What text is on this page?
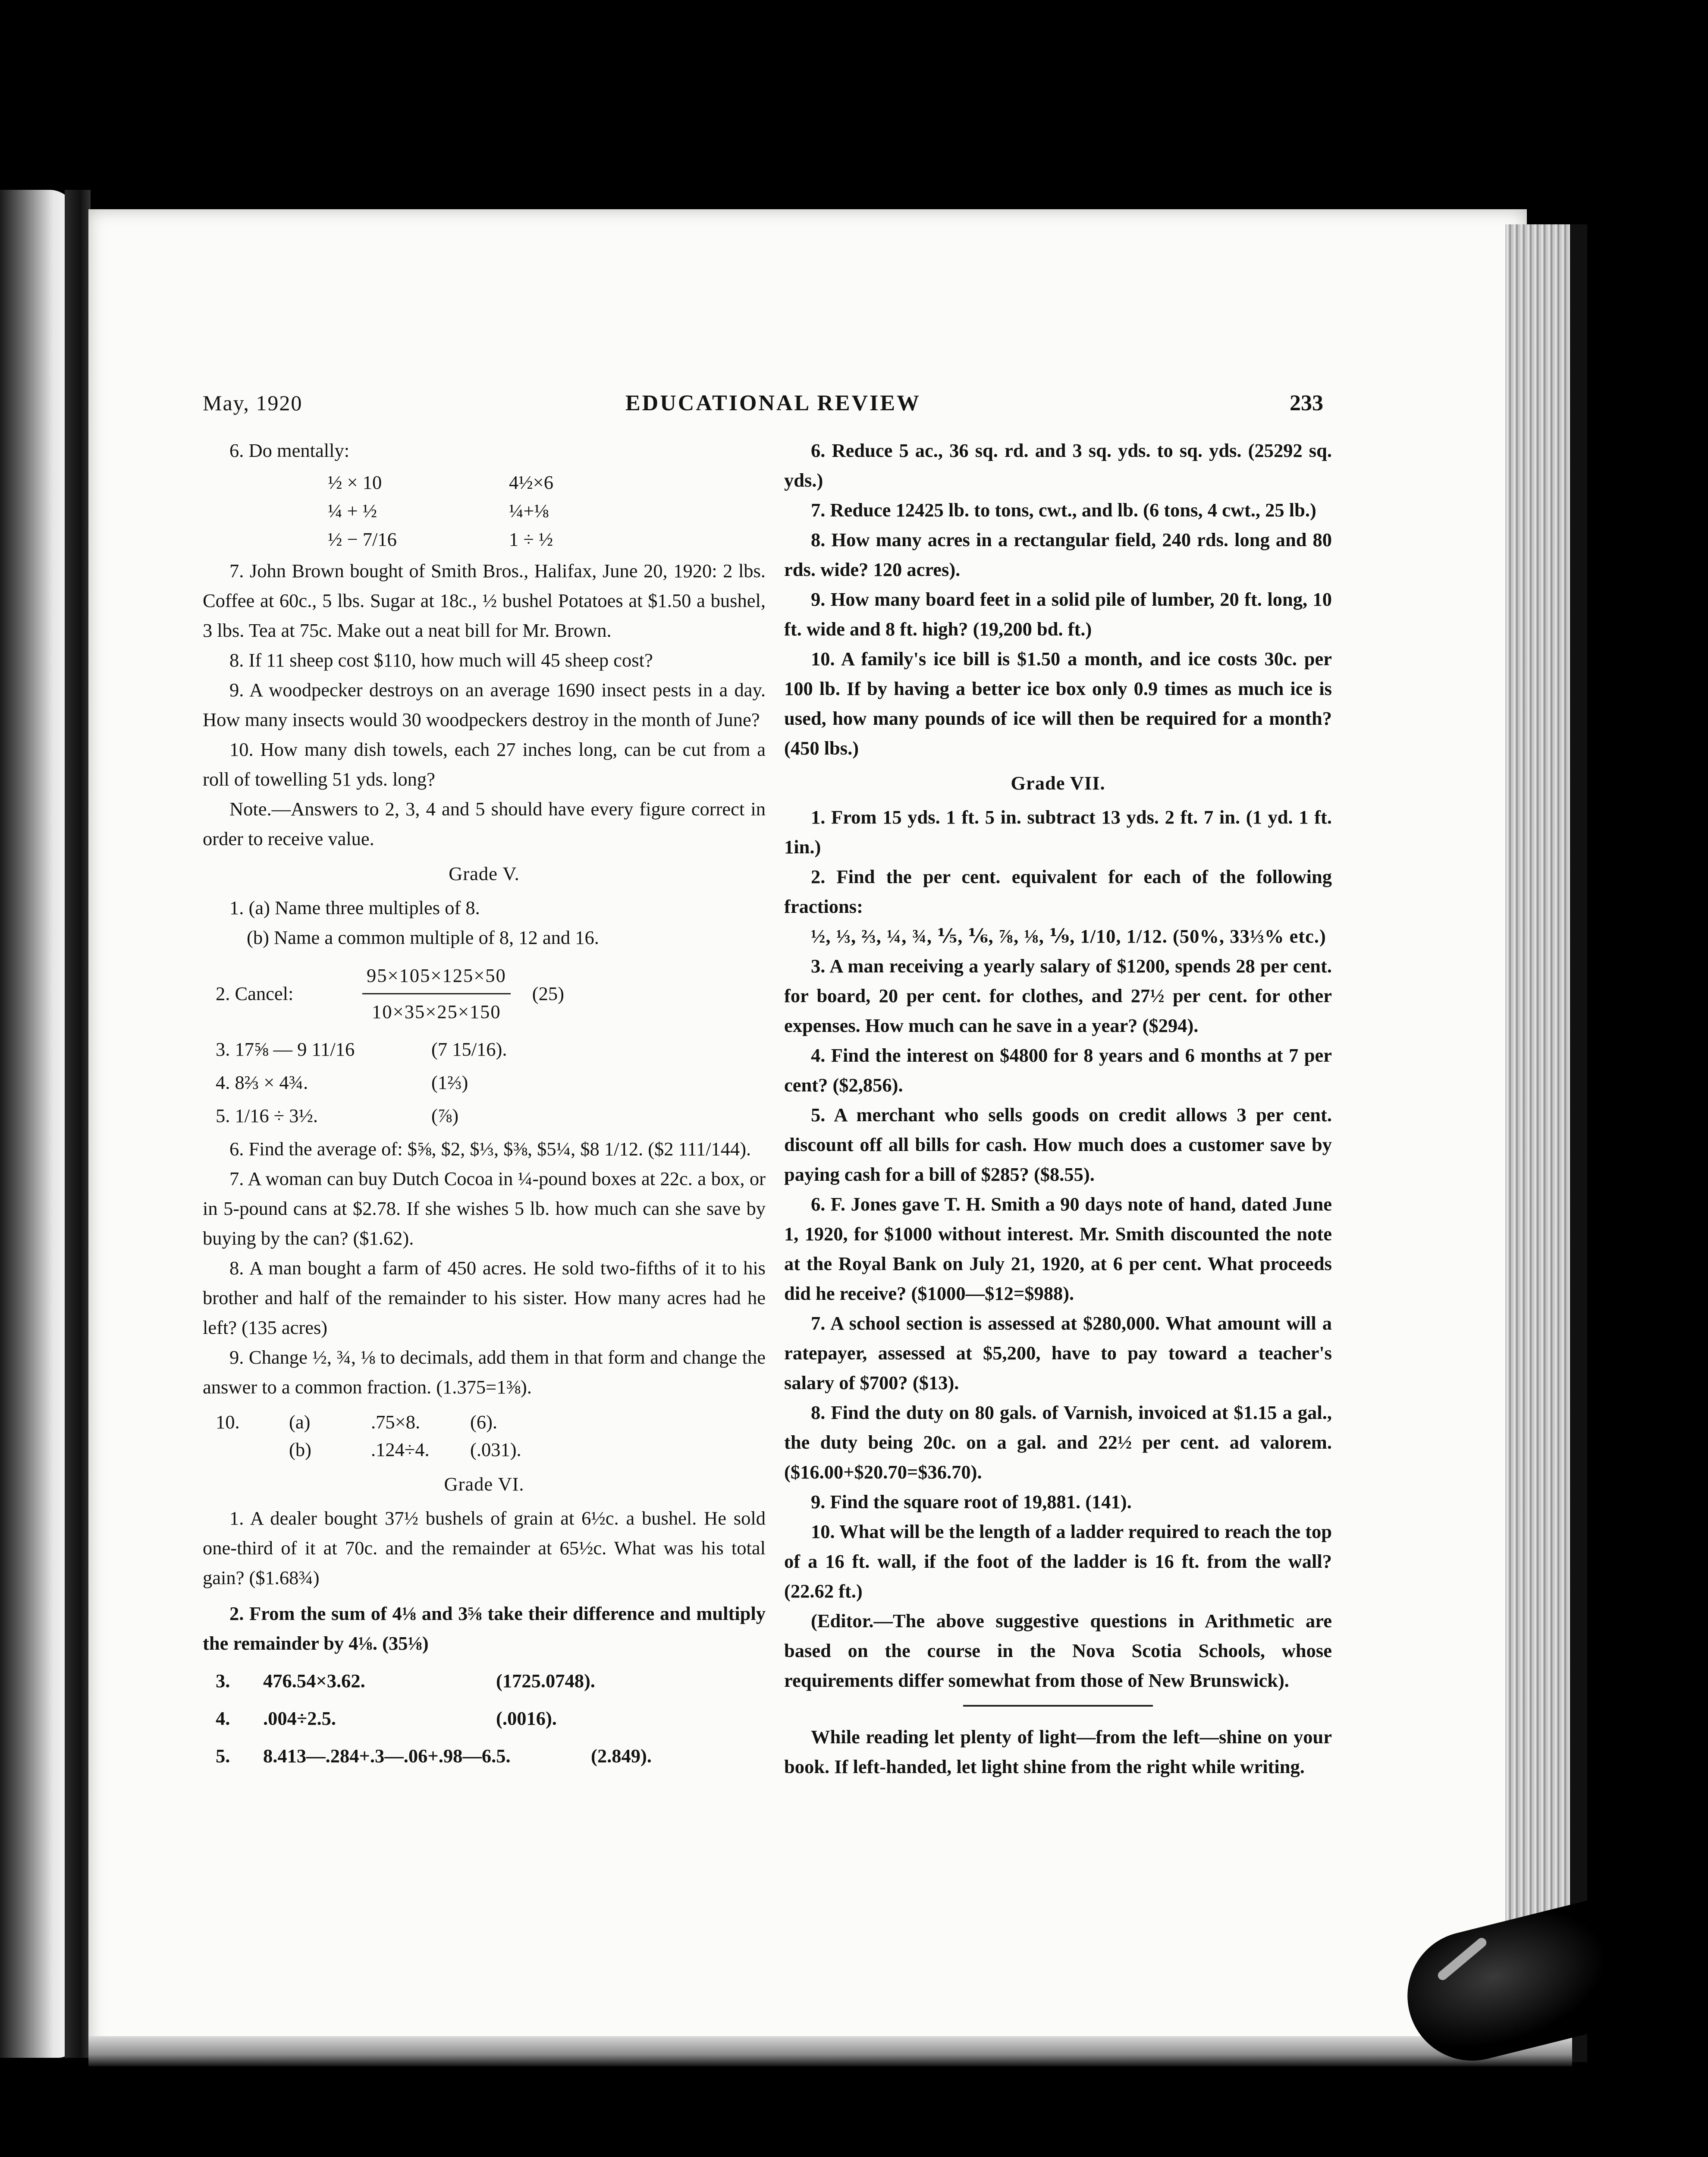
May, 1920	EDUCATIONAL REVIEW	233

6. Do mentally:

½ × 10	4½×6
¼ + ½	¼+⅛
½ − 7/16	1 ÷ ½

7. John Brown bought of Smith Bros., Halifax, June 20, 1920: 2 lbs. Coffee at 60c., 5 lbs. Sugar at 18c., ½ bushel Potatoes at $1.50 a bushel, 3 lbs. Tea at 75c. Make out a neat bill for Mr. Brown.

8. If 11 sheep cost $110, how much will 45 sheep cost?

9. A woodpecker destroys on an average 1690 insect pests in a day. How many insects would 30 woodpeckers destroy in the month of June?

10. How many dish towels, each 27 inches long, can be cut from a roll of towelling 51 yds. long?

Note.—Answers to 2, 3, 4 and 5 should have every figure correct in order to receive value.

Grade V.

1. (a) Name three multiples of 8.

(b) Name a common multiple of 8, 12 and 16.

2. Cancel:	$\frac{95\times 105\times 125\times 50}{10\times 35\times 25\times 150} (25)$
3. 17⅝ — 9 11/16	(7 15/16).
4. 8⅔ × 4¾.	(1⅔)
5. 1/16 ÷ 3½.	(⅞)

6. Find the average of: $⅝, $2, $⅓, $⅜, $5¼, $8 1/12. ($2 111/144).

7. A woman can buy Dutch Cocoa in ¼-pound boxes at 22c. a box, or in 5-pound cans at $2.78. If she wishes 5 lb. how much can she save by buying by the can? ($1.62).

8. A man bought a farm of 450 acres. He sold two-fifths of it to his brother and half of the remainder to his sister. How many acres had he left? (135 acres)

9. Change ½, ¾, ⅛ to decimals, add them in that form and change the answer to a common fraction. (1.375=1⅜).

10.	(a)	.75×8.	(6).
(b)	.124÷4.	(.031).
Grade VI.

1. A dealer bought 37½ bushels of grain at 6½c. a bushel. He sold one-third of it at 70c. and the remainder at 65½c. What was his total gain? ($1.68¾)

2. From the sum of 4⅛ and 3⅝ take their difference and multiply the remainder by 4⅛. (35⅛)

3.	476.54×3.62.	(1725.0748).
4.	.004÷2.5.	(.0016).
5.	8.413—.284+.3—.06+.98—6.5.	(2.849).

6. Reduce 5 ac., 36 sq. rd. and 3 sq. yds. to sq. yds. (25292 sq. yds.)

7. Reduce 12425 lb. to tons, cwt., and lb. (6 tons, 4 cwt., 25 lb.)

8. How many acres in a rectangular field, 240 rds. long and 80 rds. wide? 120 acres).

9. How many board feet in a solid pile of lumber, 20 ft. long, 10 ft. wide and 8 ft. high? (19,200 bd. ft.)

10. A family's ice bill is $1.50 a month, and ice costs 30c. per 100 lb. If by having a better ice box only 0.9 times as much ice is used, how many pounds of ice will then be required for a month? (450 lbs.)

Grade VII.

1. From 15 yds. 1 ft. 5 in. subtract 13 yds. 2 ft. 7 in. (1 yd. 1 ft. 1in.)

2. Find the per cent. equivalent for each of the following fractions:

½, ⅓, ⅔, ¼, ¾, ⅕, ⅙, ⅞, ⅛, ⅑, 1/10, 1/12. (50%, 33⅓% etc.)

3. A man receiving a yearly salary of $1200, spends 28 per cent. for board, 20 per cent. for clothes, and 27½ per cent. for other expenses. How much can he save in a year? ($294).

4. Find the interest on $4800 for 8 years and 6 months at 7 per cent? ($2,856).

5. A merchant who sells goods on credit allows 3 per cent. discount off all bills for cash. How much does a customer save by paying cash for a bill of $285? ($8.55).

6. F. Jones gave T. H. Smith a 90 days note of hand, dated June 1, 1920, for $1000 without interest. Mr. Smith discounted the note at the Royal Bank on July 21, 1920, at 6 per cent. What proceeds did he receive? ($1000—$12=$988).

7. A school section is assessed at $280,000. What amount will a ratepayer, assessed at $5,200, have to pay toward a teacher's salary of $700? ($13).

8. Find the duty on 80 gals. of Varnish, invoiced at $1.15 a gal., the duty being 20c. on a gal. and 22½ per cent. ad valorem. ($16.00+$20.70=$36.70).

9. Find the square root of 19,881. (141).

10. What will be the length of a ladder required to reach the top of a 16 ft. wall, if the foot of the ladder is 16 ft. from the wall? (22.62 ft.)

(Editor.—The above suggestive questions in Arithmetic are based on the course in the Nova Scotia Schools, whose requirements differ somewhat from those of New Brunswick).

While reading let plenty of light—from the left—shine on your book. If left-handed, let light shine from the right while writing.
